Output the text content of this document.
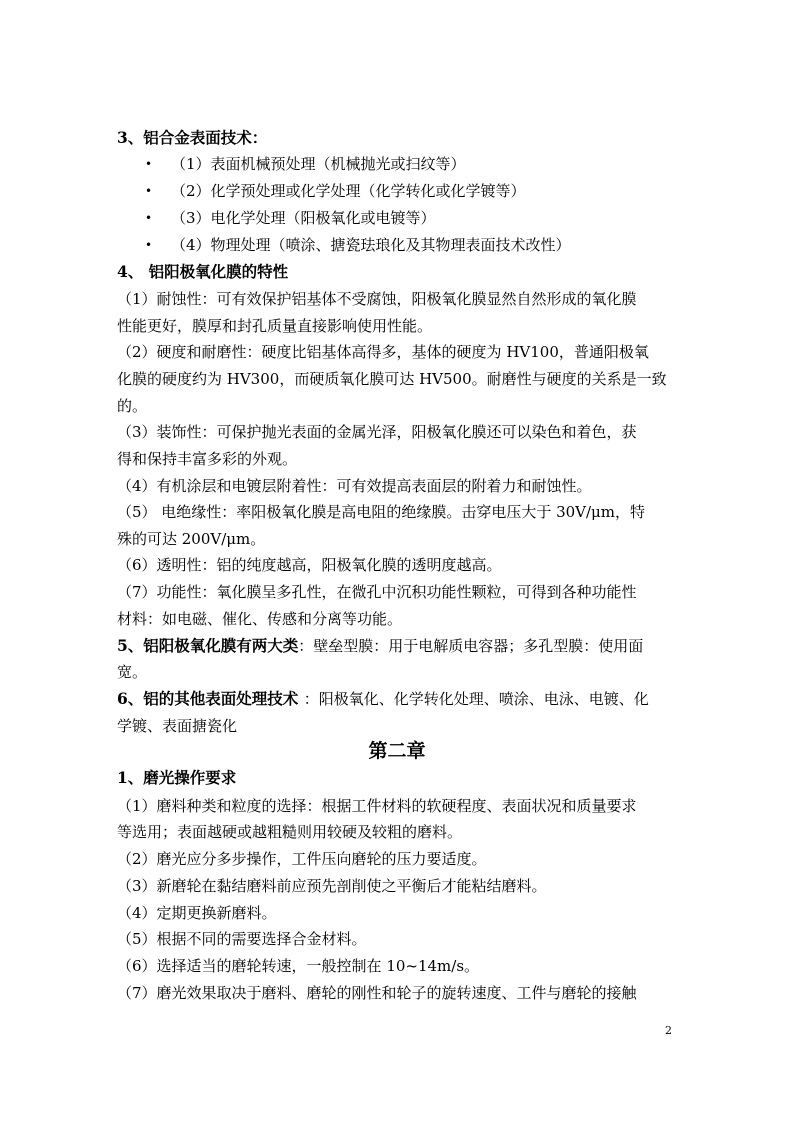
3、铝合金表面技术：
• （1）表面机械预处理（机械抛光或扫纹等）
• （2）化学预处理或化学处理（化学转化或化学镀等）
• （3）电化学处理（阳极氧化或电镀等）
• （4）物理处理（喷涂、搪瓷珐琅化及其物理表面技术改性）
4、 铝阳极氧化膜的特性
（1）耐蚀性：可有效保护铝基体不受腐蚀，阳极氧化膜显然自然形成的氧化膜
性能更好，膜厚和封孔质量直接影响使用性能。
（2）硬度和耐磨性：硬度比铝基体高得多，基体的硬度为 HV100，普通阳极氧
化膜的硬度约为 HV300，而硬质氧化膜可达 HV500。耐磨性与硬度的关系是一致
的。
（3）装饰性：可保护抛光表面的金属光泽，阳极氧化膜还可以染色和着色，获
得和保持丰富多彩的外观。
（4）有机涂层和电镀层附着性：可有效提高表面层的附着力和耐蚀性。
（5） 电绝缘性：率阳极氧化膜是高电阻的绝缘膜。击穿电压大于 30V/μm，特
殊的可达 200V/μm。
（6）透明性：铝的纯度越高，阳极氧化膜的透明度越高。
（7）功能性：氧化膜呈多孔性，在微孔中沉积功能性颗粒，可得到各种功能性
材料：如电磁、催化、传感和分离等功能。
5、铝阳极氧化膜有两大类：壁垒型膜：用于电解质电容器；多孔型膜：使用面
宽。
6、铝的其他表面处理技术 ：阳极氧化、化学转化处理、喷涂、电泳、电镀、化
学镀、表面搪瓷化
第二章
1、磨光操作要求
（1）磨料种类和粒度的选择：根据工件材料的软硬程度、表面状况和质量要求
等选用；表面越硬或越粗糙则用较硬及较粗的磨料。
（2）磨光应分多步操作，工件压向磨轮的压力要适度。
（3）新磨轮在黏结磨料前应预先剖削使之平衡后才能粘结磨料。
（4）定期更换新磨料。
（5）根据不同的需要选择合金材料。
（6）选择适当的磨轮转速，一般控制在 10~14m/s。
（7）磨光效果取决于磨料、磨轮的刚性和轮子的旋转速度、工件与磨轮的接触
2
